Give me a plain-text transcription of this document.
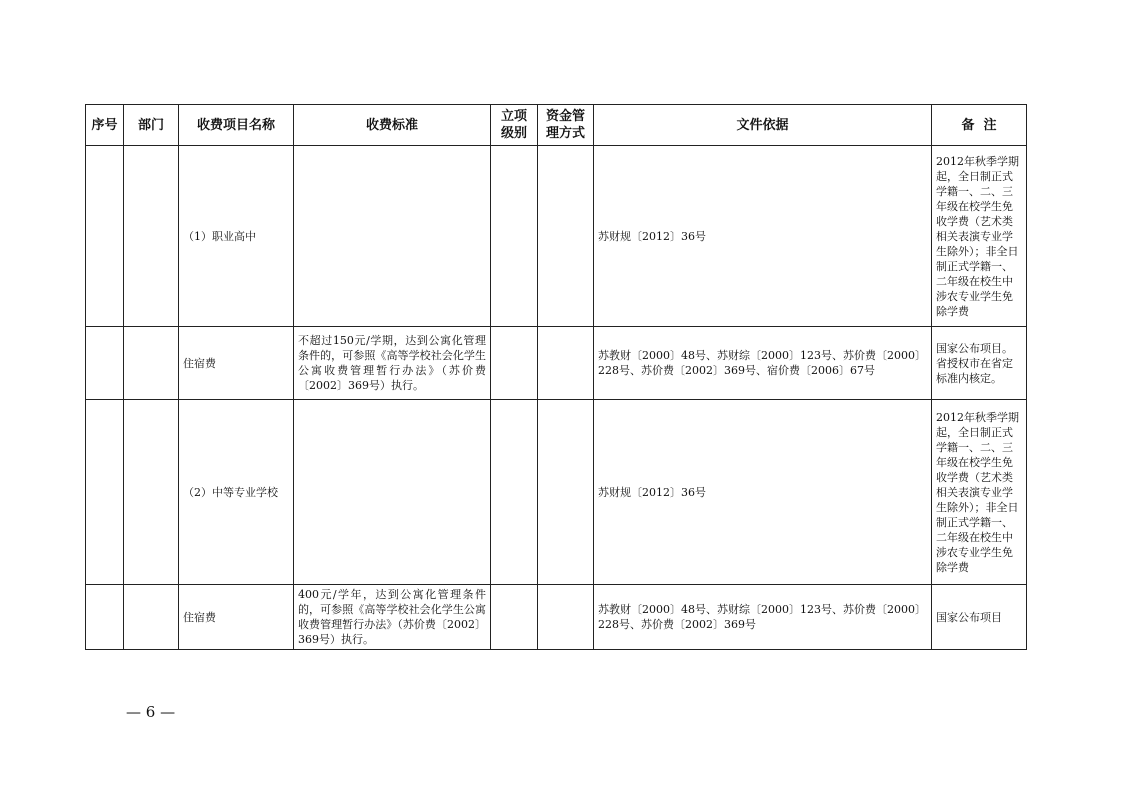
序号	部门	收费项目名称	收费标准	立项级别	资金管理方式	文件依据	备  注
		（1）职业高中				苏财规〔2012〕36号	2012年秋季学期起，全日制正式学籍一、二、三年级在校学生免收学费（艺术类相关表演专业学生除外）；非全日制正式学籍一、二年级在校生中涉农专业学生免除学费
		住宿费	不超过150元/学期，达到公寓化管理条件的，可参照《高等学校社会化学生公寓收费管理暂行办法》（苏价费〔2002〕369号）执行。			苏教财〔2000〕48号、苏财综〔2000〕123号、苏价费〔2000〕228号、苏价费〔2002〕369号、宿价费〔2006〕67号	国家公布项目。省授权市在省定标准内核定。
		（2）中等专业学校				苏财规〔2012〕36号	2012年秋季学期起，全日制正式学籍一、二、三年级在校学生免收学费（艺术类相关表演专业学生除外）；非全日制正式学籍一、二年级在校生中涉农专业学生免除学费
		住宿费	400元/学年，达到公寓化管理条件的，可参照《高等学校社会化学生公寓收费管理暂行办法》（苏价费〔2002〕369号）执行。			苏教财〔2000〕48号、苏财综〔2000〕123号、苏价费〔2000〕228号、苏价费〔2002〕369号	国家公布项目
— 6 —
